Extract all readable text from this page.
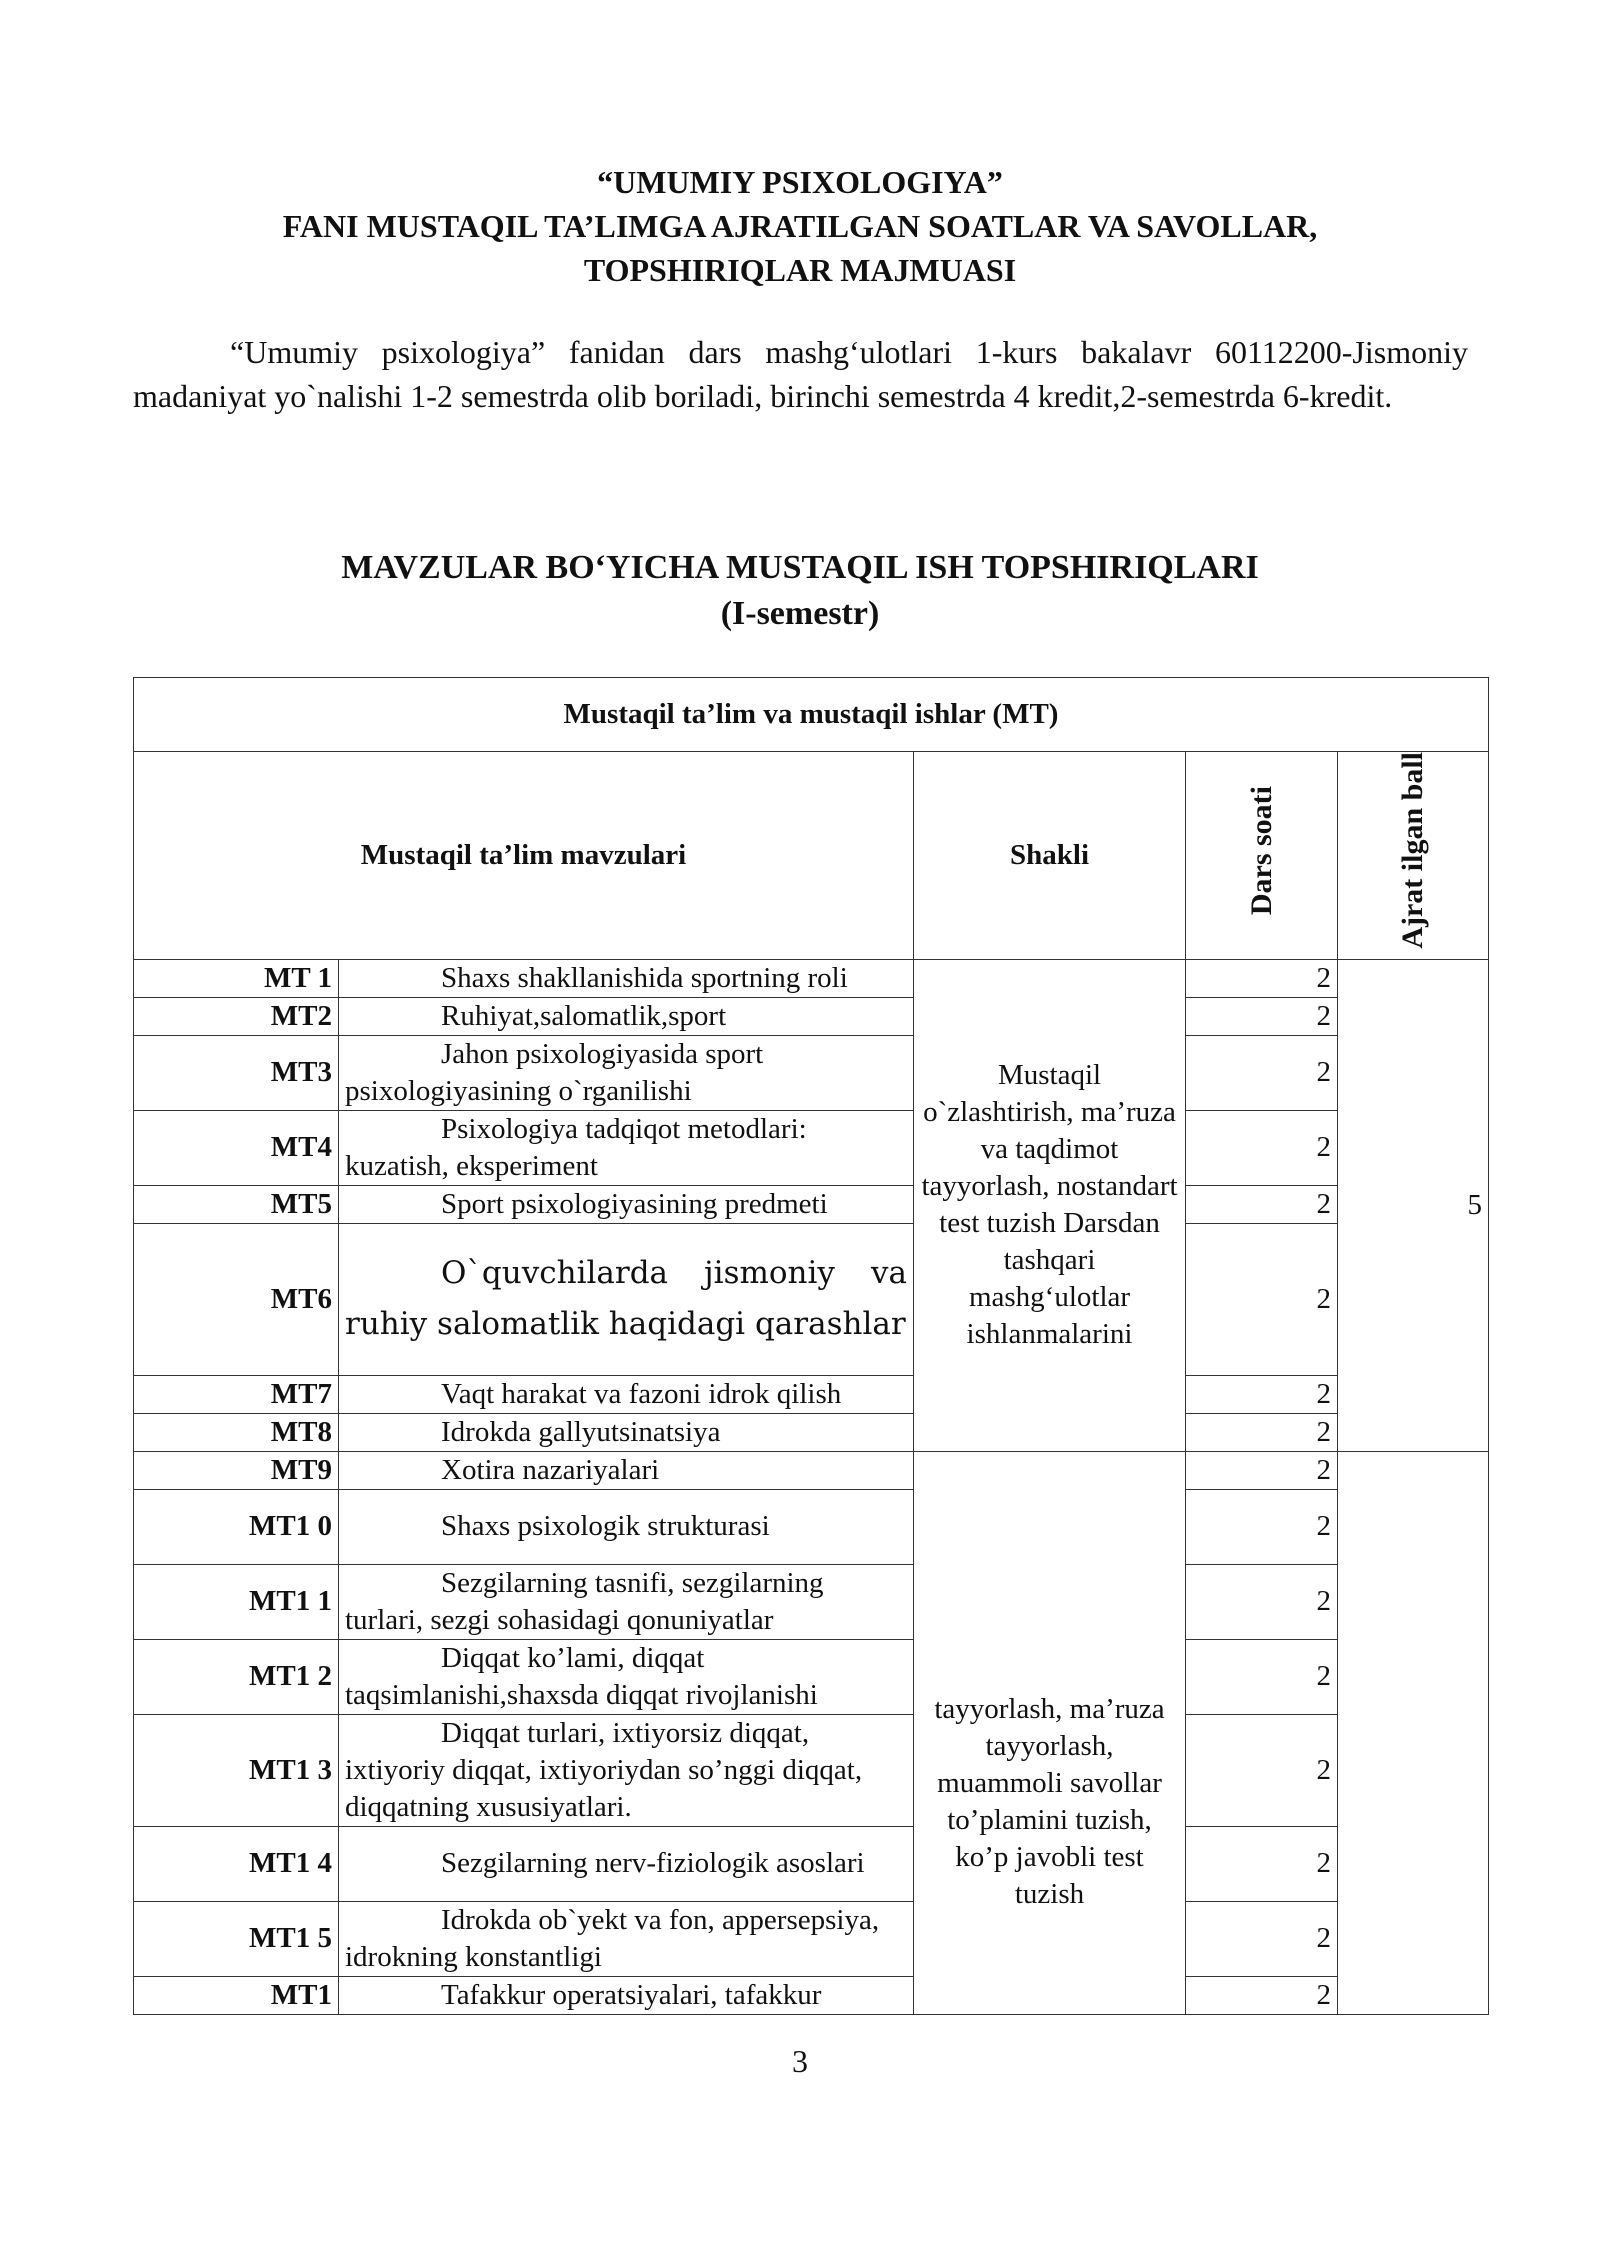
“UMUMIY PSIXOLOGIYA”
FANI MUSTAQIL TA’LIMGA AJRATILGAN SOATLAR VA SAVOLLAR,
TOPSHIRIQLAR MAJMUASI

“Umumiy psixologiya” fanidan dars mashg‘ulotlari 1-kurs bakalavr 60112200-Jismoniy madaniyat yo`nalishi 1-2 semestrda olib boriladi, birinchi semestrda 4 kredit,2-semestrda 6-kredit.

MAVZULAR BO‘YICHA MUSTAQIL ISH TOPSHIRIQLARI
(I-semestr)
Mustaqil ta’lim va mustaqil ishlar (MT)				
Mustaqil ta’lim mavzulari		Shakli	Dars soati	Ajrat ilgan ball
MT 1	Shaxs shakllanishida sportning roli	Mustaqil o`zlashtirish, ma’ruza va taqdimot tayyorlash, nostandart test tuzish Darsdan tashqari mashg‘ulotlar ishlanmalarini	2	5
MT2	Ruhiyat,salomatlik,sport		2	
MT3	Jahon psixologiyasida sport psixologiyasining o`rganilishi		2	
MT4	Psixologiya tadqiqot metodlari: kuzatish, eksperiment		2	
MT5	Sport psixologiyasining predmeti		2	
MT6	O`quvchilarda jismoniy va ruhiy salomatlik haqidagi qarashlar		2	
MT7	Vaqt harakat va fazoni idrok qilish		2	
MT8	Idrokda gallyutsinatsiya		2	
MT9	Xotira nazariyalari	tayyorlash, ma’ruza tayyorlash, muammoli savollar to’plamini tuzish, ko’p javobli test tuzish	2	
MT1 0	Shaxs psixologik strukturasi		2	
MT1 1	Sezgilarning tasnifi, sezgilarning turlari, sezgi sohasidagi qonuniyatlar		2	
MT1 2	Diqqat ko’lami, diqqat taqsimlanishi,shaxsda diqqat rivojlanishi		2	
MT1 3	Diqqat turlari, ixtiyorsiz diqqat, ixtiyoriy diqqat, ixtiyoriydan so’nggi diqqat, diqqatning xususiyatlari.		2	
MT1 4	Sezgilarning nerv-fiziologik asoslari		2	
MT1 5	Idrokda ob`yekt va fon, appersepsiya, idrokning konstantligi		2	
MT1	Tafakkur operatsiyalari, tafakkur		2	
3
